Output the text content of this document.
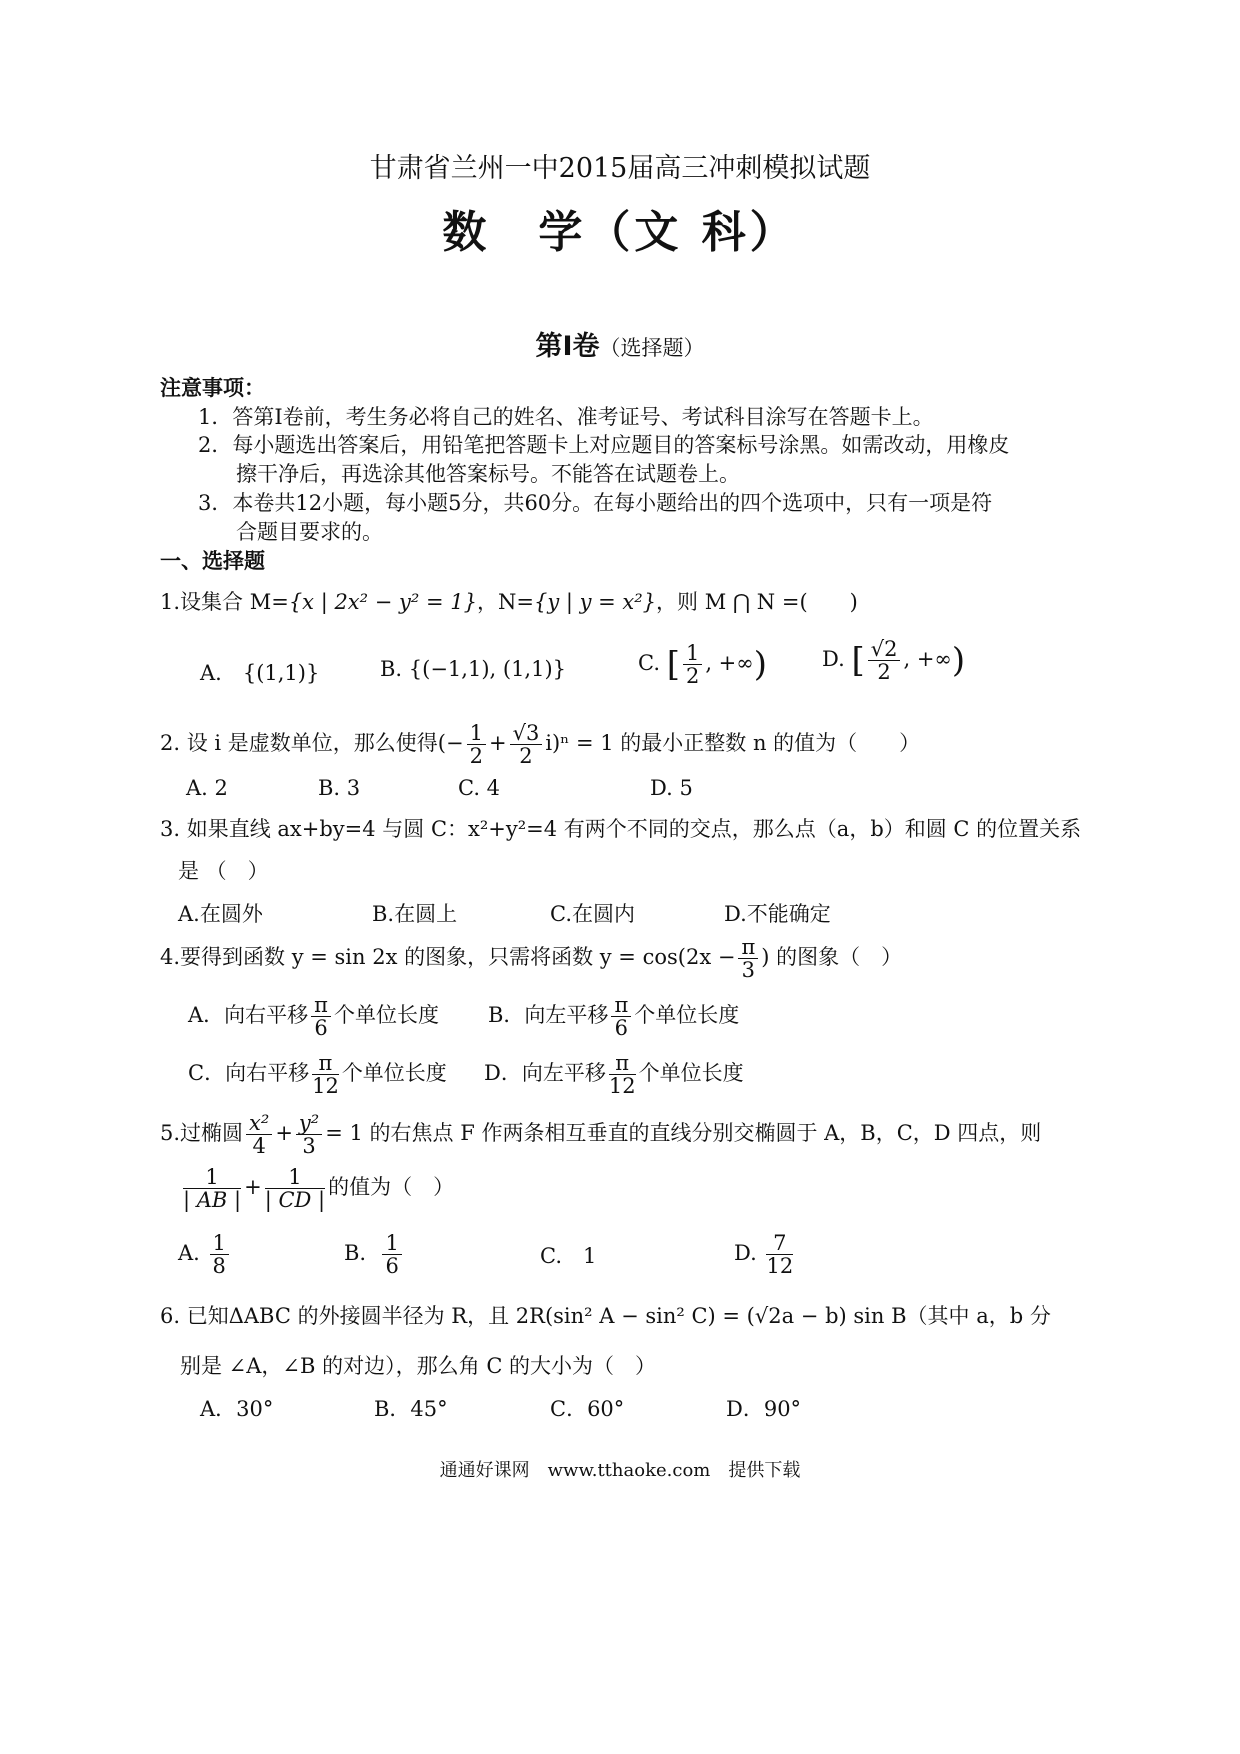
甘肃省兰州一中2015届高三冲刺模拟试题
数　学（文 科）
第Ⅰ卷（选择题）
注意事项：
1．答第Ⅰ卷前，考生务必将自己的姓名、准考证号、考试科目涂写在答题卡上。
2．每小题选出答案后，用铅笔把答题卡上对应题目的答案标号涂黑。如需改动，用橡皮
擦干净后，再选涂其他答案标号。不能答在试题卷上。
3．本卷共12小题，每小题5分，共60分。在每小题给出的四个选项中，只有一项是符
合题目要求的。
一、选择题
1.设集合 M={x | 2x² − y² = 1}，N={y | y = x²}，则 M ⋂ N =(　　)
A.　{(1,1)}	B. {(−1,1), (1,1)}	C. [ $\frac{1}{2}$ , +∞)	D. [ $\frac{√2}{2}$ , +∞)
2. 设 i 是虚数单位，那么使得(− $\frac{1}{2} + \frac{√3}{2} i)^n = 1$ 的最小正整数 n 的值为（　　）
A. 2	B. 3	C. 4	D. 5
3. 如果直线 ax+by=4 与圆 C：x²+y²=4 有两个不同的交点，那么点（a，b）和圆 C 的位置关系
是 （　）
A.在圆外	B.在圆上	C.在圆内	D.不能确定
4.要得到函数 y = sin 2x 的图象，只需将函数 $y = \cos(2x - \frac{\pi}{3}$ ) 的图象（　）
A．向右平移 $\frac{\pi}{6}$ 个单位长度 B．向左平移 $\frac{\pi}{6}$ 个单位长度
C．向右平移 $\frac{\pi}{12}$ 个单位长度 D．向左平移 $\frac{\pi}{12}$ 个单位长度
5.过椭圆 $\frac{\text{x²}}{4} + \frac{\text{y²}}{3} = 1$ 的右焦点 F 作两条相互垂直的直线分别交椭圆于 A，B，C，D 四点，则
$\frac{1}{| AB |} + \frac{1}{| CD |}$ 的值为（　）
A. $\frac{1}{8}$	B. $\frac{1}{6}$	C.　1	D. $\frac{7}{12}$
6. 已知ΔABC 的外接圆半径为 R，且 2R(sin² A − sin² C) = (√2a − b) sin B（其中 a，b 分
别是 ∠A，∠B 的对边），那么角 C 的大小为（　）
A．30°	B．45°	C．60°	D．90°
通通好课网　www.tthaoke.com　提供下载
